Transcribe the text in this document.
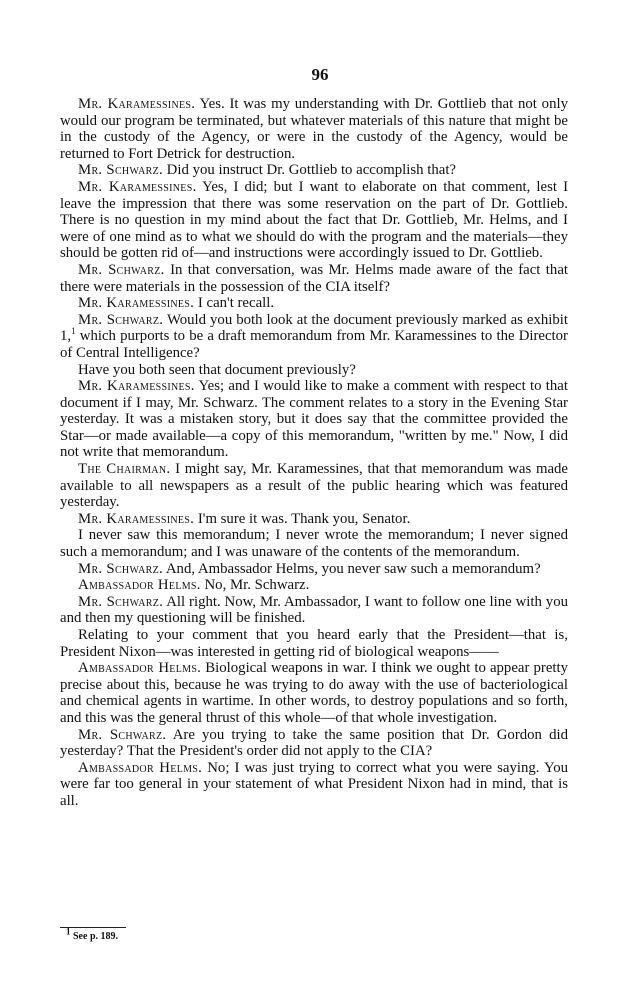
96

Mr. Karamessines. Yes. It was my understanding with Dr. Gottlieb that not only would our program be terminated, but whatever materials of this nature that might be in the custody of the Agency, or were in the custody of the Agency, would be returned to Fort Detrick for destruction.

Mr. Schwarz. Did you instruct Dr. Gottlieb to accomplish that?

Mr. Karamessines. Yes, I did; but I want to elaborate on that comment, lest I leave the impression that there was some reservation on the part of Dr. Gottlieb. There is no question in my mind about the fact that Dr. Gottlieb, Mr. Helms, and I were of one mind as to what we should do with the program and the materials—they should be gotten rid of—and instructions were accordingly issued to Dr. Gottlieb.

Mr. Schwarz. In that conversation, was Mr. Helms made aware of the fact that there were materials in the possession of the CIA itself?

Mr. Karamessines. I can't recall.

Mr. Schwarz. Would you both look at the document previously marked as exhibit 1,$^1$ which purports to be a draft memorandum from Mr. Karamessines to the Director of Central Intelligence?

Have you both seen that document previously?

Mr. Karamessines. Yes; and I would like to make a comment with respect to that document if I may, Mr. Schwarz. The comment relates to a story in the Evening Star yesterday. It was a mistaken story, but it does say that the committee provided the Star—or made available—a copy of this memorandum, "written by me." Now, I did not write that memorandum.

The Chairman. I might say, Mr. Karamessines, that that memorandum was made available to all newspapers as a result of the public hearing which was featured yesterday.

Mr. Karamessines. I'm sure it was. Thank you, Senator.

I never saw this memorandum; I never wrote the memorandum; I never signed such a memorandum; and I was unaware of the contents of the memorandum.

Mr. Schwarz. And, Ambassador Helms, you never saw such a memorandum?

Ambassador Helms. No, Mr. Schwarz.

Mr. Schwarz. All right. Now, Mr. Ambassador, I want to follow one line with you and then my questioning will be finished.

Relating to your comment that you heard early that the President—that is, President Nixon—was interested in getting rid of biological weapons——

Ambassador Helms. Biological weapons in war. I think we ought to appear pretty precise about this, because he was trying to do away with the use of bacteriological and chemical agents in wartime. In other words, to destroy populations and so forth, and this was the general thrust of this whole—of that whole investigation.

Mr. Schwarz. Are you trying to take the same position that Dr. Gordon did yesterday? That the President's order did not apply to the CIA?

Ambassador Helms. No; I was just trying to correct what you were saying. You were far too general in your statement of what President Nixon had in mind, that is all.

1 See p. 189.
